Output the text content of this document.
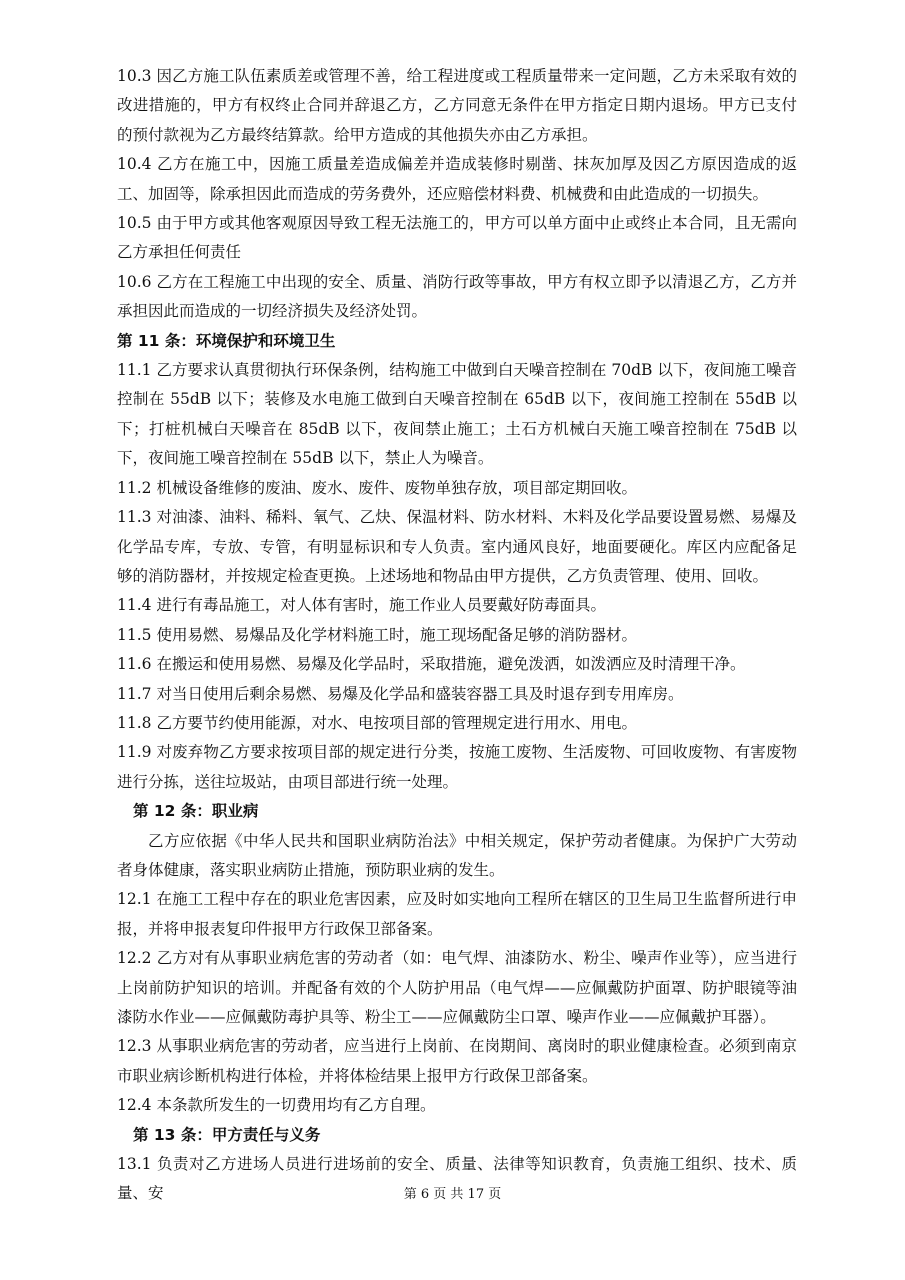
10.3 因乙方施工队伍素质差或管理不善，给工程进度或工程质量带来一定问题，乙方未采取有效的改进措施的，甲方有权终止合同并辞退乙方，乙方同意无条件在甲方指定日期内退场。甲方已支付的预付款视为乙方最终结算款。给甲方造成的其他损失亦由乙方承担。

10.4 乙方在施工中，因施工质量差造成偏差并造成装修时剔凿、抹灰加厚及因乙方原因造成的返工、加固等，除承担因此而造成的劳务费外，还应赔偿材料费、机械费和由此造成的一切损失。

10.5 由于甲方或其他客观原因导致工程无法施工的，甲方可以单方面中止或终止本合同，且无需向乙方承担任何责任

10.6 乙方在工程施工中出现的安全、质量、消防行政等事故，甲方有权立即予以清退乙方，乙方并承担因此而造成的一切经济损失及经济处罚。

第 11 条：环境保护和环境卫生

11.1 乙方要求认真贯彻执行环保条例，结构施工中做到白天噪音控制在 70dB 以下，夜间施工噪音控制在 55dB 以下；装修及水电施工做到白天噪音控制在 65dB 以下，夜间施工控制在 55dB 以下；打桩机械白天噪音在 85dB 以下，夜间禁止施工；土石方机械白天施工噪音控制在 75dB 以下，夜间施工噪音控制在 55dB 以下，禁止人为噪音。

11.2 机械设备维修的废油、废水、废件、废物单独存放，项目部定期回收。

11.3 对油漆、油料、稀料、氧气、乙炔、保温材料、防水材料、木料及化学品要设置易燃、易爆及化学品专库，专放、专管，有明显标识和专人负责。室内通风良好，地面要硬化。库区内应配备足够的消防器材，并按规定检查更换。上述场地和物品由甲方提供，乙方负责管理、使用、回收。

11.4 进行有毒品施工，对人体有害时，施工作业人员要戴好防毒面具。

11.5 使用易燃、易爆品及化学材料施工时，施工现场配备足够的消防器材。

11.6 在搬运和使用易燃、易爆及化学品时，采取措施，避免泼洒，如泼洒应及时清理干净。

11.7 对当日使用后剩余易燃、易爆及化学品和盛装容器工具及时退存到专用库房。

11.8 乙方要节约使用能源，对水、电按项目部的管理规定进行用水、用电。

11.9 对废弃物乙方要求按项目部的规定进行分类，按施工废物、生活废物、可回收废物、有害废物进行分拣，送往垃圾站，由项目部进行统一处理。

第 12 条：职业病

乙方应依据《中华人民共和国职业病防治法》中相关规定，保护劳动者健康。为保护广大劳动者身体健康，落实职业病防止措施，预防职业病的发生。

12.1 在施工工程中存在的职业危害因素，应及时如实地向工程所在辖区的卫生局卫生监督所进行申报，并将申报表复印件报甲方行政保卫部备案。

12.2 乙方对有从事职业病危害的劳动者（如：电气焊、油漆防水、粉尘、噪声作业等），应当进行上岗前防护知识的培训。并配备有效的个人防护用品（电气焊——应佩戴防护面罩、防护眼镜等油漆防水作业——应佩戴防毒护具等、粉尘工——应佩戴防尘口罩、噪声作业——应佩戴护耳器）。

12.3 从事职业病危害的劳动者，应当进行上岗前、在岗期间、离岗时的职业健康检查。必须到南京市职业病诊断机构进行体检，并将体检结果上报甲方行政保卫部备案。

12.4 本条款所发生的一切费用均有乙方自理。

第 13 条：甲方责任与义务

13.1 负责对乙方进场人员进行进场前的安全、质量、法律等知识教育，负责施工组织、技术、质量、安	第 6 页 共 17 页
